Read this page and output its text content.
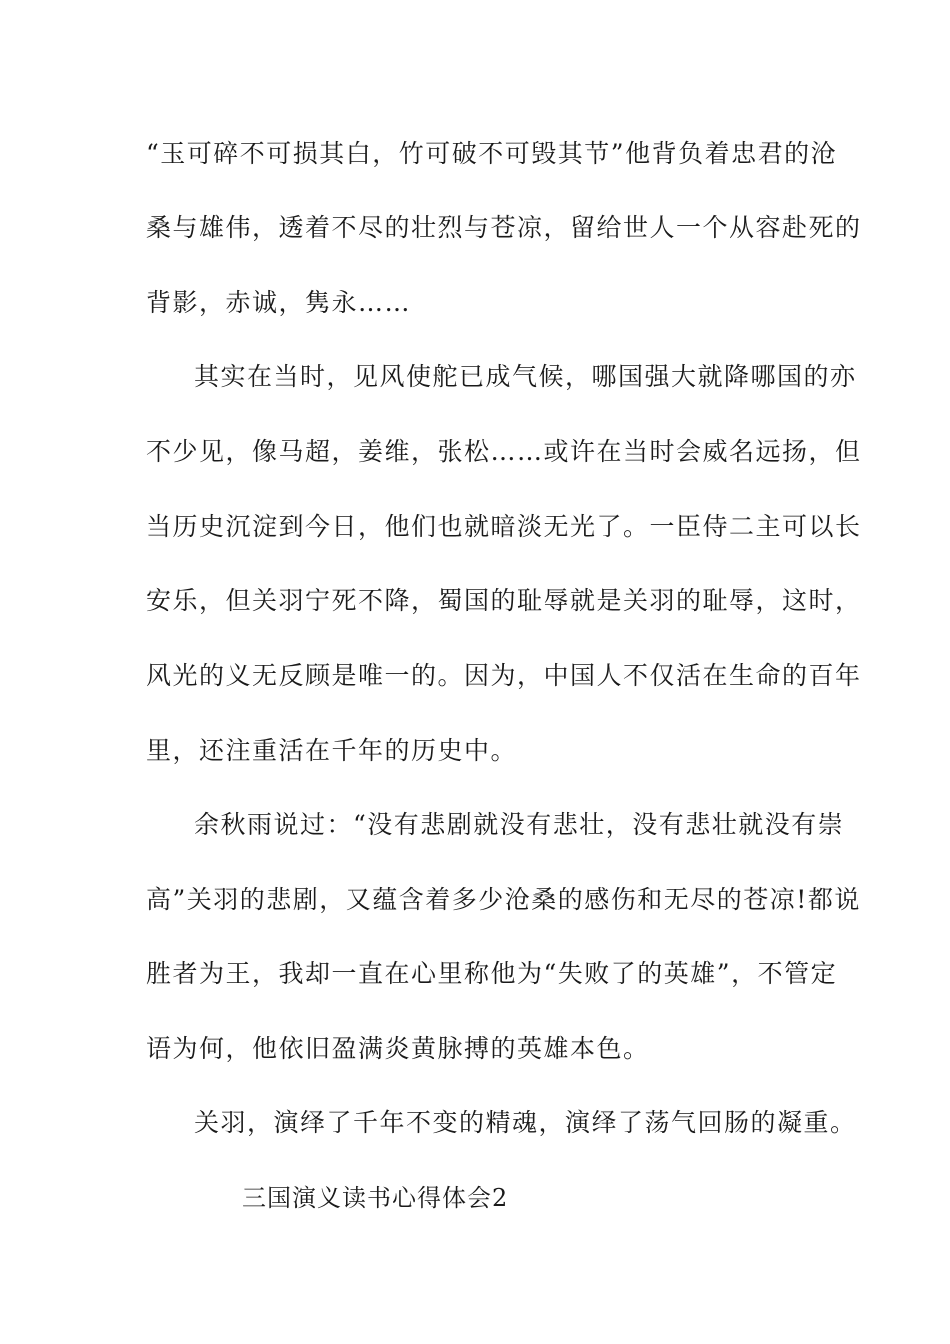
“玉可碎不可损其白，竹可破不可毁其节”他背负着忠君的沧
桑与雄伟，透着不尽的壮烈与苍凉，留给世人一个从容赴死的
背影，赤诚，隽永……
其实在当时，见风使舵已成气候，哪国强大就降哪国的亦
不少见，像马超，姜维，张松……或许在当时会威名远扬，但
当历史沉淀到今日，他们也就暗淡无光了。一臣侍二主可以长
安乐，但关羽宁死不降，蜀国的耻辱就是关羽的耻辱，这时，
风光的义无反顾是唯一的。因为，中国人不仅活在生命的百年
里，还注重活在千年的历史中。
余秋雨说过：“没有悲剧就没有悲壮，没有悲壮就没有崇
高”关羽的悲剧，又蕴含着多少沧桑的感伤和无尽的苍凉!都说
胜者为王，我却一直在心里称他为“失败了的英雄”，不管定
语为何，他依旧盈满炎黄脉搏的英雄本色。
关羽，演绎了千年不变的精魂，演绎了荡气回肠的凝重。
三国演义读书心得体会2
